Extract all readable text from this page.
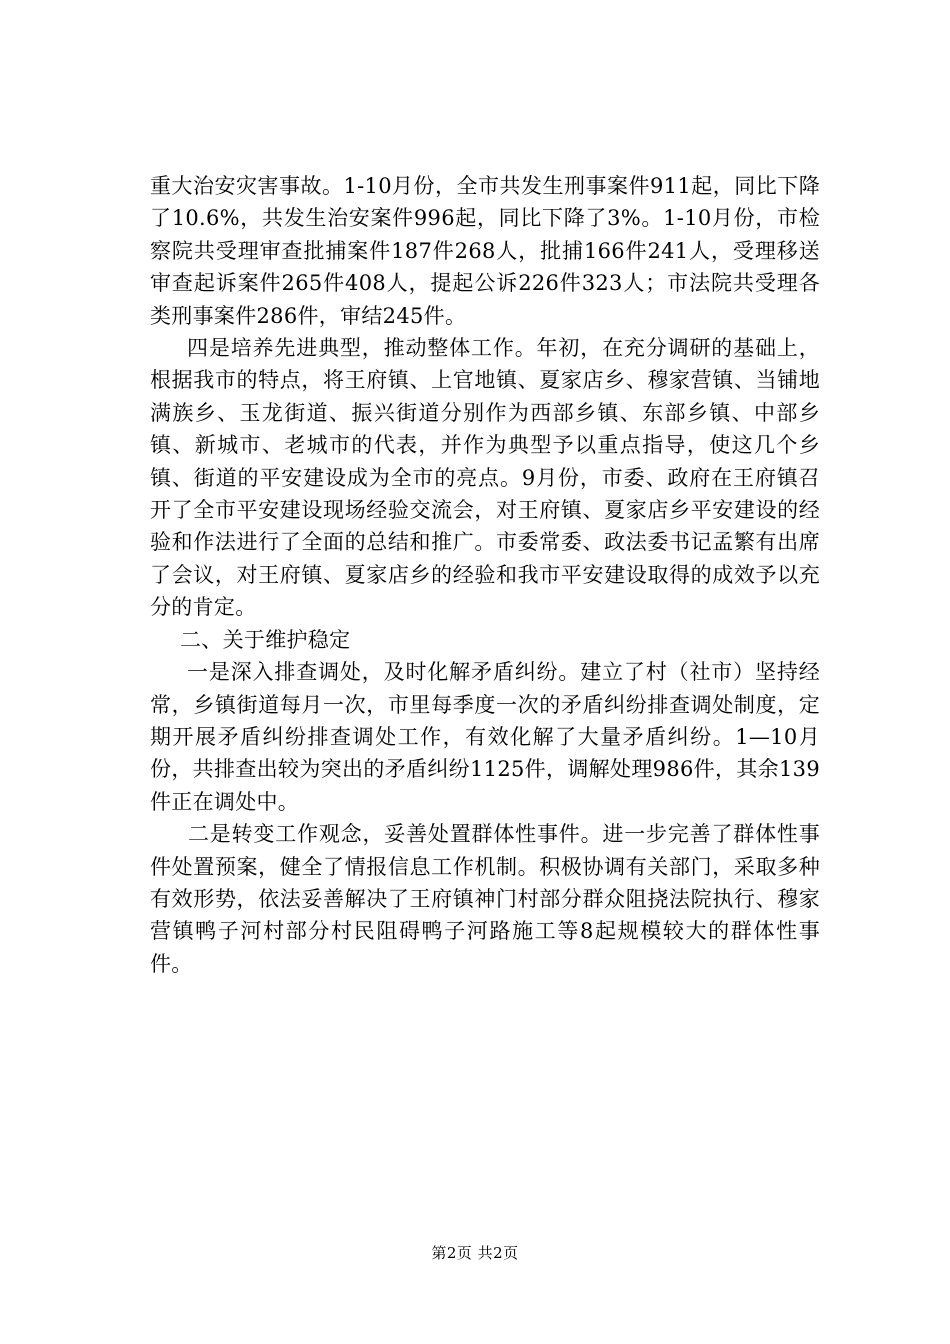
重大治安灾害事故。1-10月份，全市共发生刑事案件911起，同比下降了10.6%，共发生治安案件996起，同比下降了3%。1-10月份，市检察院共受理审查批捕案件187件268人，批捕166件241人，受理移送审查起诉案件265件408人，提起公诉226件323人；市法院共受理各类刑事案件286件，审结245件。

四是培养先进典型，推动整体工作。年初，在充分调研的基础上，根据我市的特点，将王府镇、上官地镇、夏家店乡、穆家营镇、当铺地满族乡、玉龙街道、振兴街道分别作为西部乡镇、东部乡镇、中部乡镇、新城市、老城市的代表，并作为典型予以重点指导，使这几个乡镇、街道的平安建设成为全市的亮点。9月份，市委、政府在王府镇召开了全市平安建设现场经验交流会，对王府镇、夏家店乡平安建设的经验和作法进行了全面的总结和推广。市委常委、政法委书记孟繁有出席了会议，对王府镇、夏家店乡的经验和我市平安建设取得的成效予以充分的肯定。

二、关于维护稳定

一是深入排查调处，及时化解矛盾纠纷。建立了村（社市）坚持经常，乡镇街道每月一次，市里每季度一次的矛盾纠纷排查调处制度，定期开展矛盾纠纷排查调处工作，有效化解了大量矛盾纠纷。1—10月份，共排查出较为突出的矛盾纠纷1125件，调解处理986件，其余139件正在调处中。

二是转变工作观念，妥善处置群体性事件。进一步完善了群体性事件处置预案，健全了情报信息工作机制。积极协调有关部门，采取多种有效形势，依法妥善解决了王府镇神门村部分群众阻挠法院执行、穆家营镇鸭子河村部分村民阻碍鸭子河路施工等8起规模较大的群体性事件。

第2页 共2页
